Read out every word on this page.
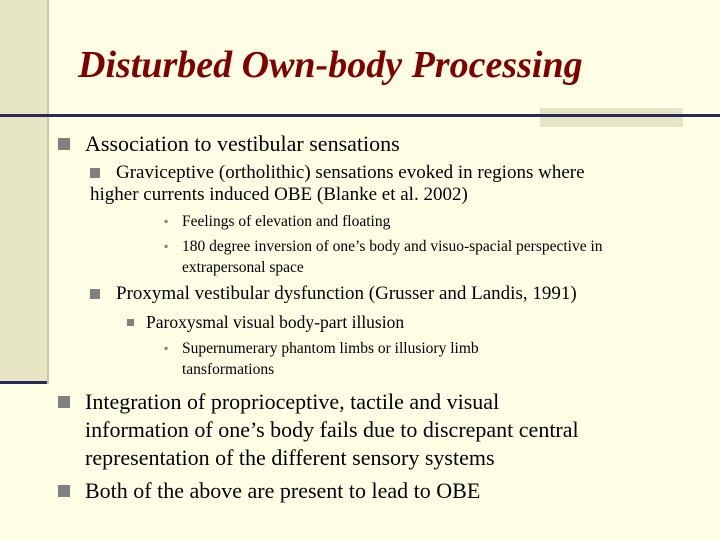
Disturbed Own-body Processing
Association to vestibular sensations
Graviceptive (ortholithic) sensations evoked in regions where
higher currents induced OBE (Blanke et al. 2002)
▪ Feelings of elevation and floating
▪ 180 degree inversion of one’s body and visuo-spacial perspective in
extrapersonal space
Proxymal vestibular dysfunction (Grusser and Landis, 1991)
Paroxysmal visual body-part illusion
▪ Supernumerary phantom limbs or illusiory limb
tansformations
Integration of proprioceptive, tactile and visual
information of one’s body fails due to discrepant central
representation of the different sensory systems
Both of the above are present to lead to OBE
